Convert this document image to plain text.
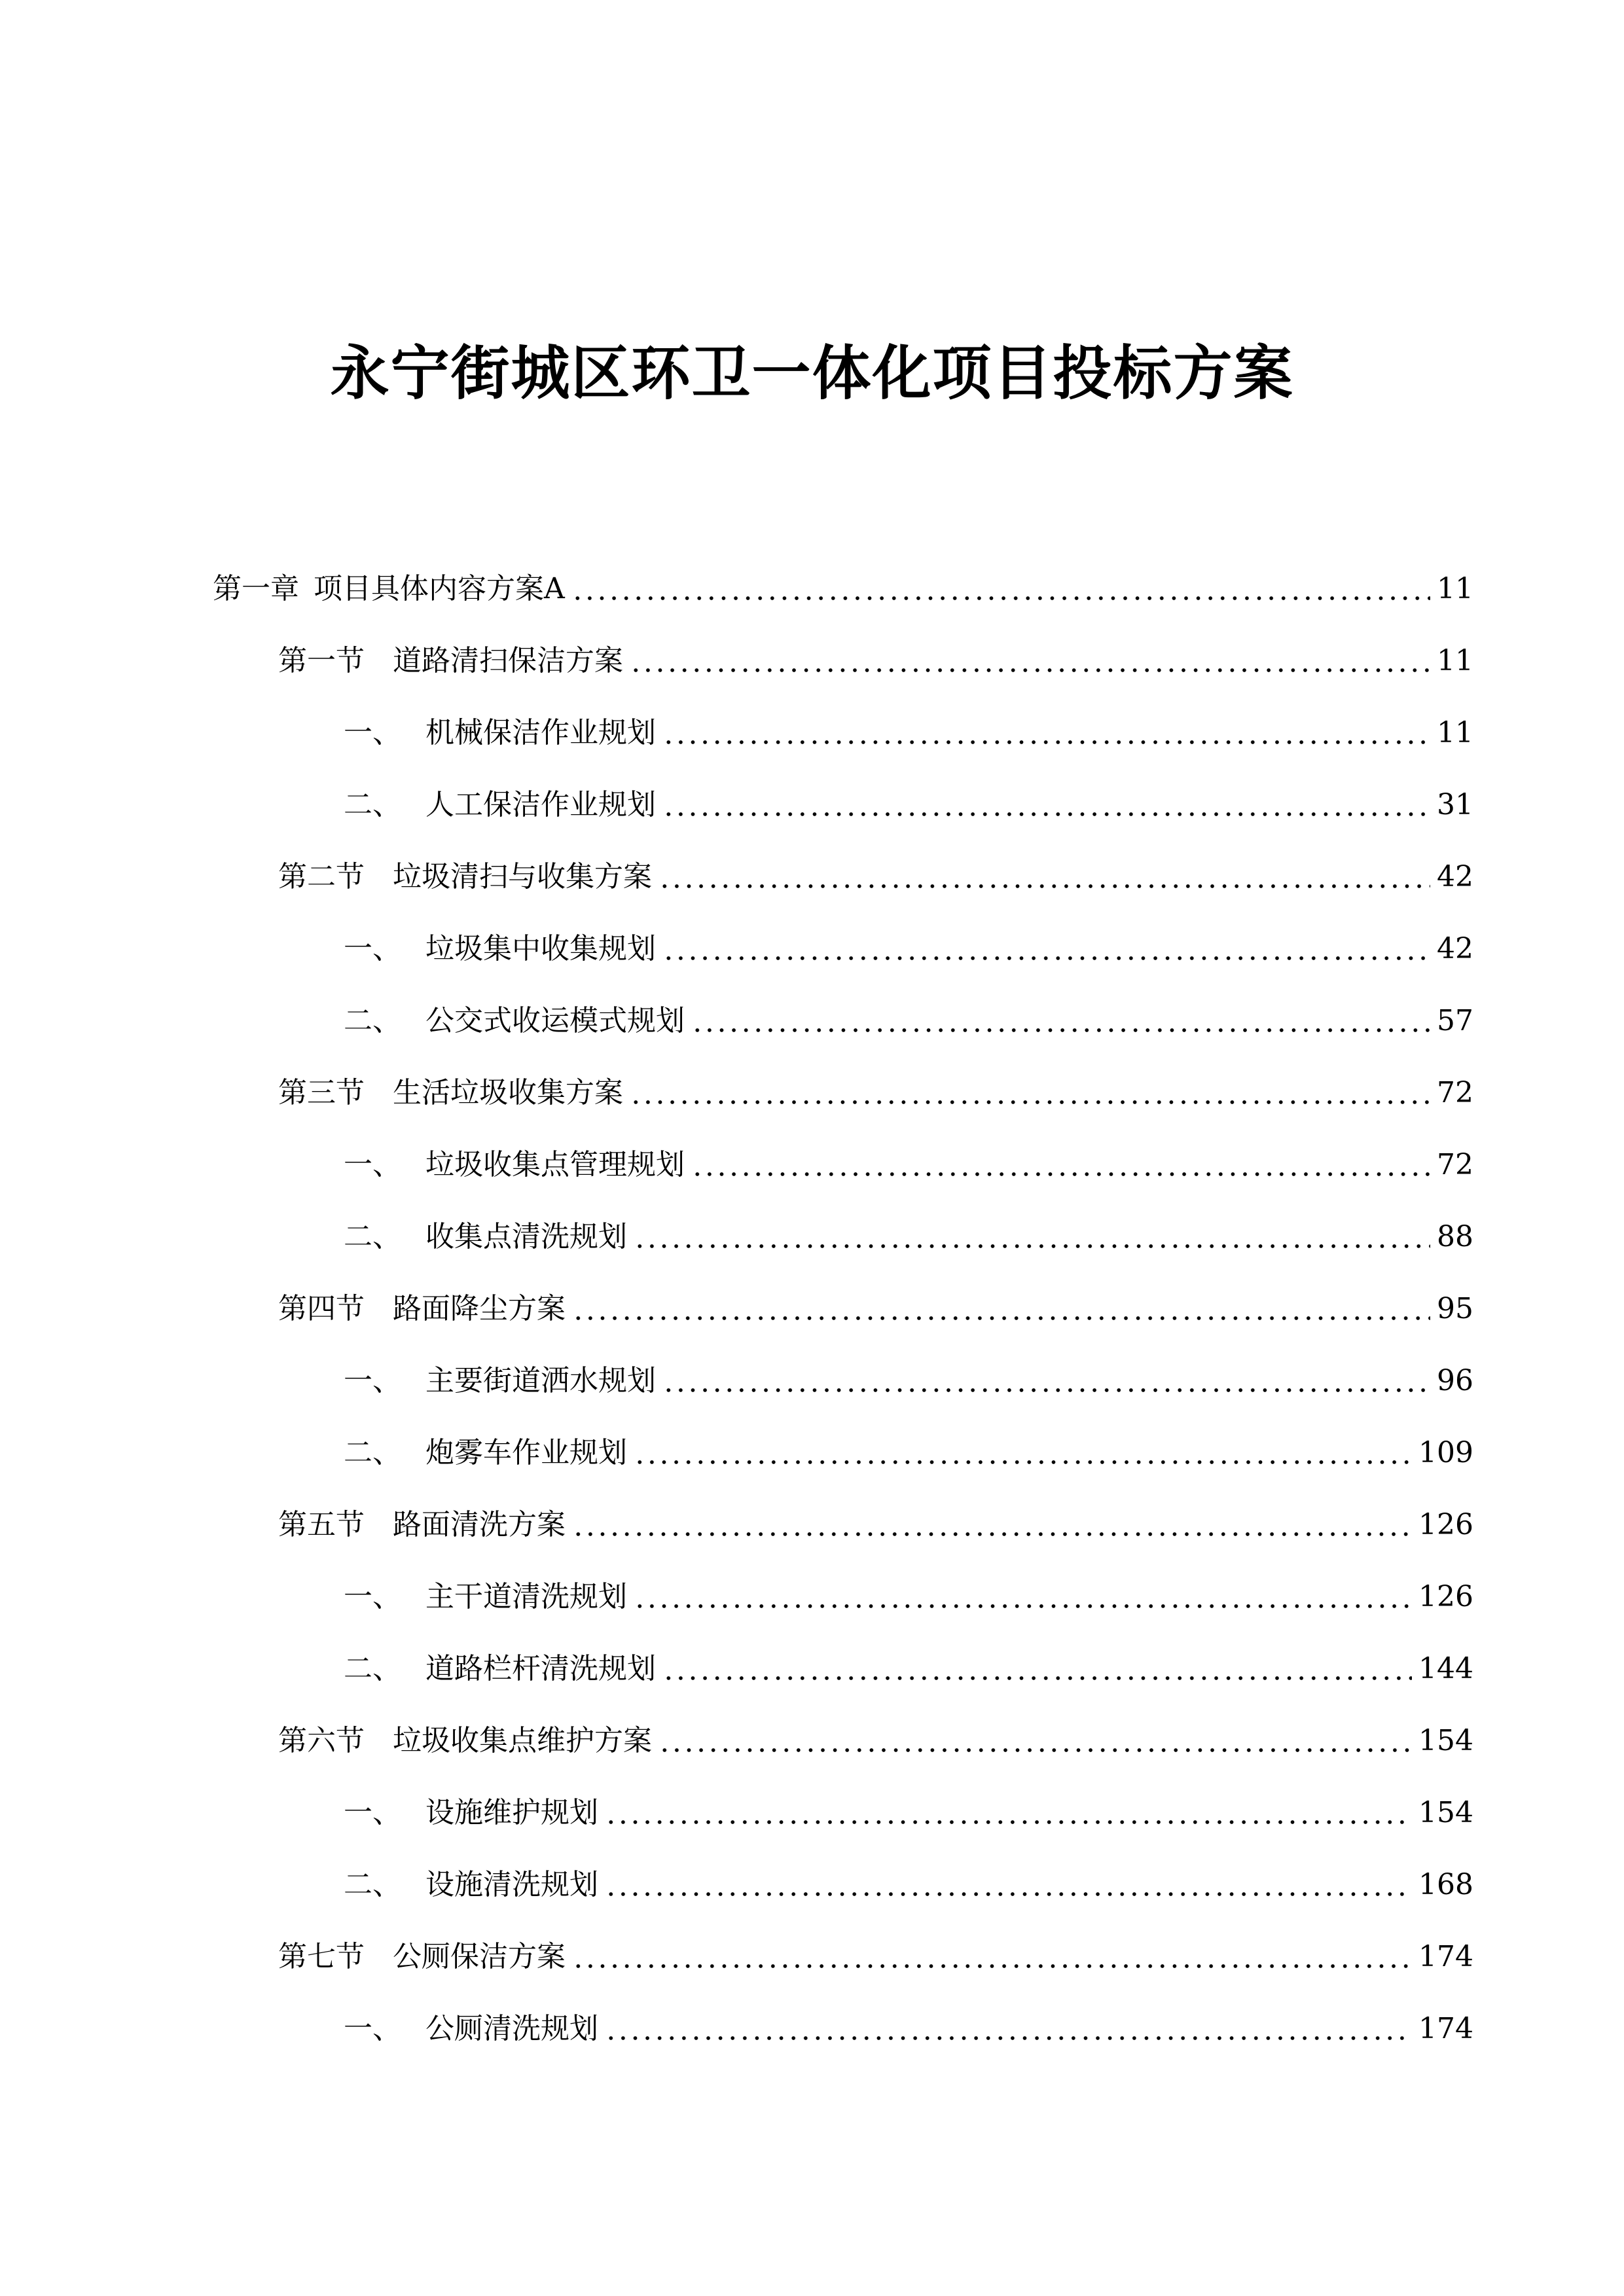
永宁街城区环卫一体化项目投标方案
第一章 项目具体内容方案A	11
第一节 道路清扫保洁方案	11
一、 机械保洁作业规划	11
二、 人工保洁作业规划	31
第二节 垃圾清扫与收集方案	42
一、 垃圾集中收集规划	42
二、 公交式收运模式规划	57
第三节 生活垃圾收集方案	72
一、 垃圾收集点管理规划	72
二、 收集点清洗规划	88
第四节 路面降尘方案	95
一、 主要街道洒水规划	96
二、 炮雾车作业规划	109
第五节 路面清洗方案	126
一、 主干道清洗规划	126
二、 道路栏杆清洗规划	144
第六节 垃圾收集点维护方案	154
一、 设施维护规划	154
二、 设施清洗规划	168
第七节 公厕保洁方案	174
一、 公厕清洗规划	174
